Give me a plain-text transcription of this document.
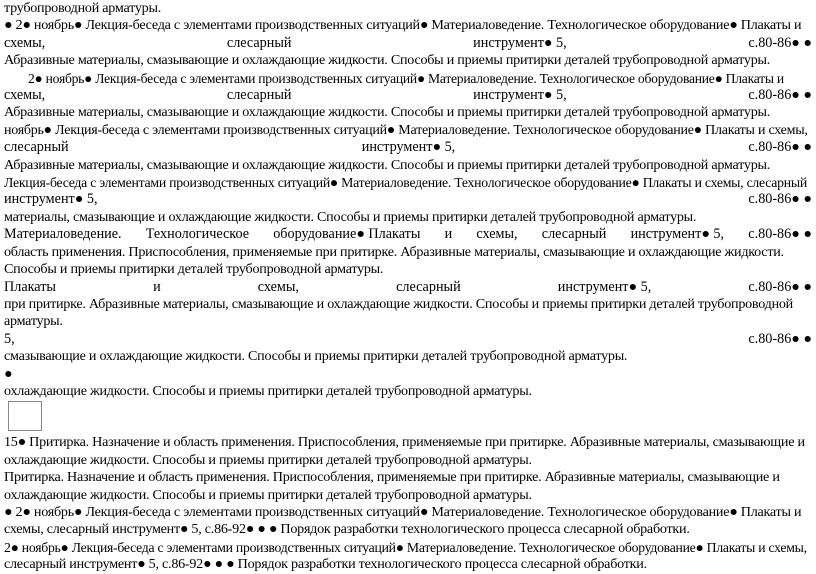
трубопроводной арматуры.
● 2● ноябрь● Лекция-беседа с элементами производственных ситуаций● Материаловедение. Технологическое оборудование● Плакаты и
схемы,	слесарный	инструмент● 5,	с.80-86● ●
Абразивные материалы, смазывающие и охлаждающие жидкости. Способы и приемы притирки деталей трубопроводной арматуры.
2● ноябрь● Лекция-беседа с элементами производственных ситуаций● Материаловедение. Технологическое оборудование● Плакаты и
схемы,	слесарный	инструмент● 5,	с.80-86● ●
Абразивные материалы, смазывающие и охлаждающие жидкости. Способы и приемы притирки деталей трубопроводной арматуры.
ноябрь● Лекция-беседа с элементами производственных ситуаций● Материаловедение. Технологическое оборудование● Плакаты и схемы,
слесарный	инструмент● 5,	с.80-86● ●
Абразивные материалы, смазывающие и охлаждающие жидкости. Способы и приемы притирки деталей трубопроводной арматуры.
Лекция-беседа с элементами производственных ситуаций● Материаловедение. Технологическое оборудование● Плакаты и схемы, слесарный
инструмент● 5,	с.80-86● ●
материалы, смазывающие и охлаждающие жидкости. Способы и приемы притирки деталей трубопроводной арматуры.
Материаловедение. Технологическое оборудование● Плакаты и схемы, слесарный инструмент● 5, с.80-86● ●
область применения. Приспособления, применяемые при притирке. Абразивные материалы, смазывающие и охлаждающие жидкости.
Способы и приемы притирки деталей трубопроводной арматуры.
Плакаты	и	схемы,	слесарный	инструмент● 5,	с.80-86● ●
при притирке. Абразивные материалы, смазывающие и охлаждающие жидкости. Способы и приемы притирки деталей трубопроводной
арматуры.
5,	с.80-86● ●
смазывающие и охлаждающие жидкости. Способы и приемы притирки деталей трубопроводной арматуры.
●
охлаждающие жидкости. Способы и приемы притирки деталей трубопроводной арматуры.
15● Притирка. Назначение и область применения. Приспособления, применяемые при притирке. Абразивные материалы, смазывающие и
охлаждающие жидкости. Способы и приемы притирки деталей трубопроводной арматуры.
Притирка. Назначение и область применения. Приспособления, применяемые при притирке. Абразивные материалы, смазывающие и
охлаждающие жидкости. Способы и приемы притирки деталей трубопроводной арматуры.
● 2● ноябрь● Лекция-беседа с элементами производственных ситуаций● Материаловедение. Технологическое оборудование● Плакаты и
схемы, слесарный инструмент● 5, с.86-92● ● ● Порядок разработки технологического процесса слесарной обработки.
2● ноябрь● Лекция-беседа с элементами производственных ситуаций● Материаловедение. Технологическое оборудование● Плакаты и схемы,
слесарный инструмент● 5, с.86-92● ● ● Порядок разработки технологического процесса слесарной обработки.
